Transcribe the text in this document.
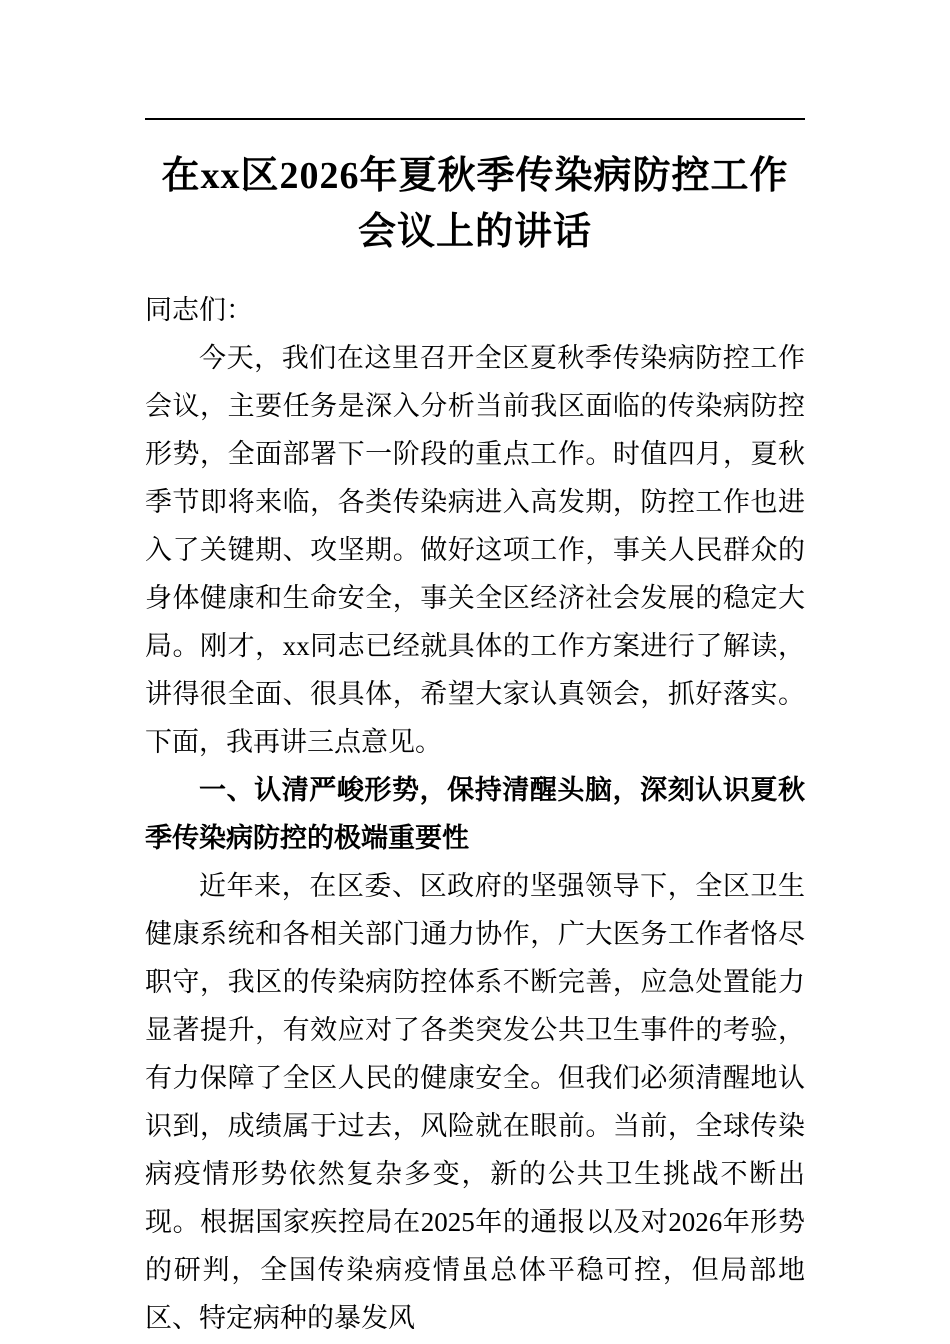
在xx区2026年夏秋季传染病防控工作会议上的讲话

同志们：

今天，我们在这里召开全区夏秋季传染病防控工作会议，主要任务是深入分析当前我区面临的传染病防控形势，全面部署下一阶段的重点工作。时值四月，夏秋季节即将来临，各类传染病进入高发期，防控工作也进入了关键期、攻坚期。做好这项工作，事关人民群众的身体健康和生命安全，事关全区经济社会发展的稳定大局。刚才，xx同志已经就具体的工作方案进行了解读，讲得很全面、很具体，希望大家认真领会，抓好落实。下面，我再讲三点意见。

一、认清严峻形势，保持清醒头脑，深刻认识夏秋季传染病防控的极端重要性

近年来，在区委、区政府的坚强领导下，全区卫生健康系统和各相关部门通力协作，广大医务工作者恪尽职守，我区的传染病防控体系不断完善，应急处置能力显著提升，有效应对了各类突发公共卫生事件的考验，有力保障了全区人民的健康安全。但我们必须清醒地认识到，成绩属于过去，风险就在眼前。当前，全球传染病疫情形势依然复杂多变，新的公共卫生挑战不断出现。根据国家疾控局在2025年的通报以及对2026年形势的研判，全国传染病疫情虽总体平稳可控，但局部地区、特定病种的暴发风
